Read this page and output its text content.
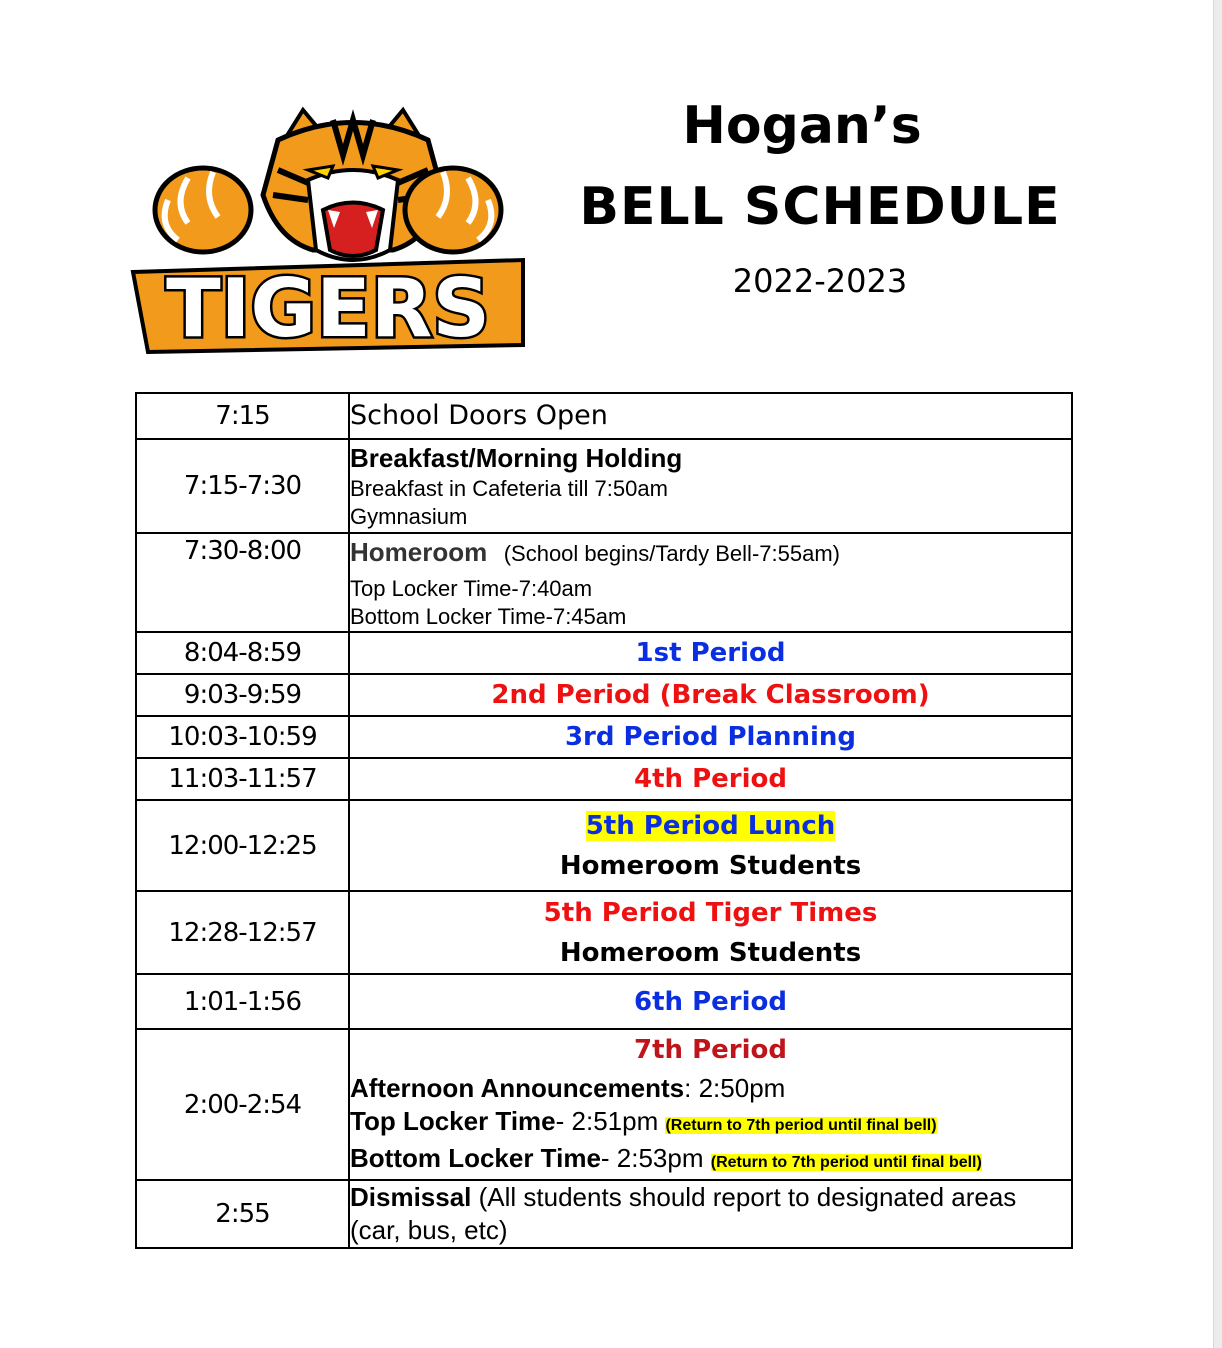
TIGERS
Hogan’s
BELL SCHEDULE
2022-2023
7:15	School Doors Open
7:15-7:30	Breakfast/Morning Holding
Breakfast in Cafeteria till 7:50am
Gymnasium

7:30-8:00	Homeroom (School begins/Tardy Bell-7:55am)
Top Locker Time-7:40am
Bottom Locker Time-7:45am

8:04-8:59	1st Period
9:03-9:59	2nd Period (Break Classroom)
10:03-10:59	3rd Period Planning
11:03-11:57	4th Period
12:00-12:25	5th Period Lunch
Homeroom Students

12:28-12:57	5th Period Tiger Times
Homeroom Students

1:01-1:56	6th Period
2:00-2:54	7th Period
Afternoon Announcements: 2:50pm
Top Locker Time- 2:51pm (Return to 7th period until final bell)
Bottom Locker Time- 2:53pm (Return to 7th period until final bell)

2:55	Dismissal (All students should report to designated areas (car, bus, etc)
